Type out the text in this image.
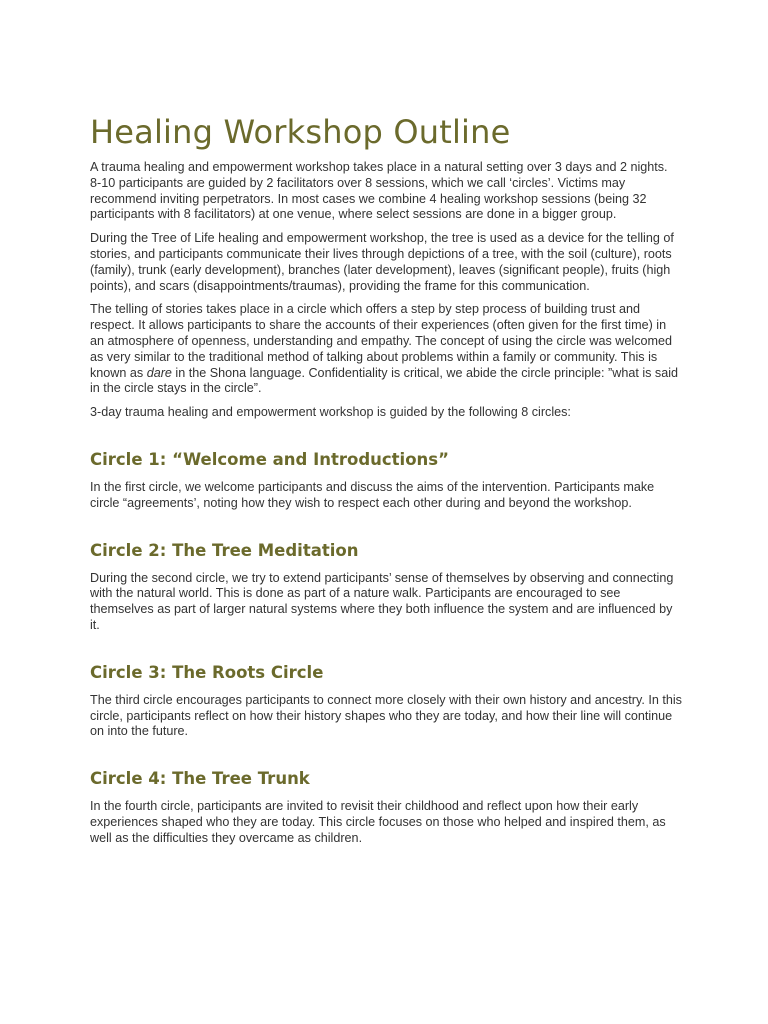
Healing Workshop Outline

A trauma healing and empowerment workshop takes place in a natural setting over 3 days and 2 nights. 8-10 participants are guided by 2 facilitators over 8 sessions, which we call ‘circles’. Victims may recommend inviting perpetrators. In most cases we combine 4 healing workshop sessions (being 32 participants with 8 facilitators) at one venue, where select sessions are done in a bigger group.

During the Tree of Life healing and empowerment workshop, the tree is used as a device for the telling of stories, and participants communicate their lives through depictions of a tree, with the soil (culture), roots (family), trunk (early development), branches (later development), leaves (significant people), fruits (high points), and scars (disappointments/traumas), providing the frame for this communication.

The telling of stories takes place in a circle which offers a step by step process of building trust and respect. It allows participants to share the accounts of their experiences (often given for the first time) in an atmosphere of openness, understanding and empathy. The concept of using the circle was welcomed as very similar to the traditional method of talking about problems within a family or community. This is known as dare in the Shona language. Confidentiality is critical, we abide the circle principle: ”what is said in the circle stays in the circle”.

3-day trauma healing and empowerment workshop is guided by the following 8 circles:

Circle 1: “Welcome and Introductions”

In the first circle, we welcome participants and discuss the aims of the intervention. Participants make circle “agreements’, noting how they wish to respect each other during and beyond the workshop.

Circle 2: The Tree Meditation

During the second circle, we try to extend participants’ sense of themselves by observing and connecting with the natural world. This is done as part of a nature walk. Participants are encouraged to see themselves as part of larger natural systems where they both influence the system and are influenced by it.

Circle 3: The Roots Circle

The third circle encourages participants to connect more closely with their own history and ancestry. In this circle, participants reflect on how their history shapes who they are today, and how their line will continue on into the future.

Circle 4: The Tree Trunk

In the fourth circle, participants are invited to revisit their childhood and reflect upon how their early experiences shaped who they are today. This circle focuses on those who helped and inspired them, as well as the difficulties they overcame as children.
